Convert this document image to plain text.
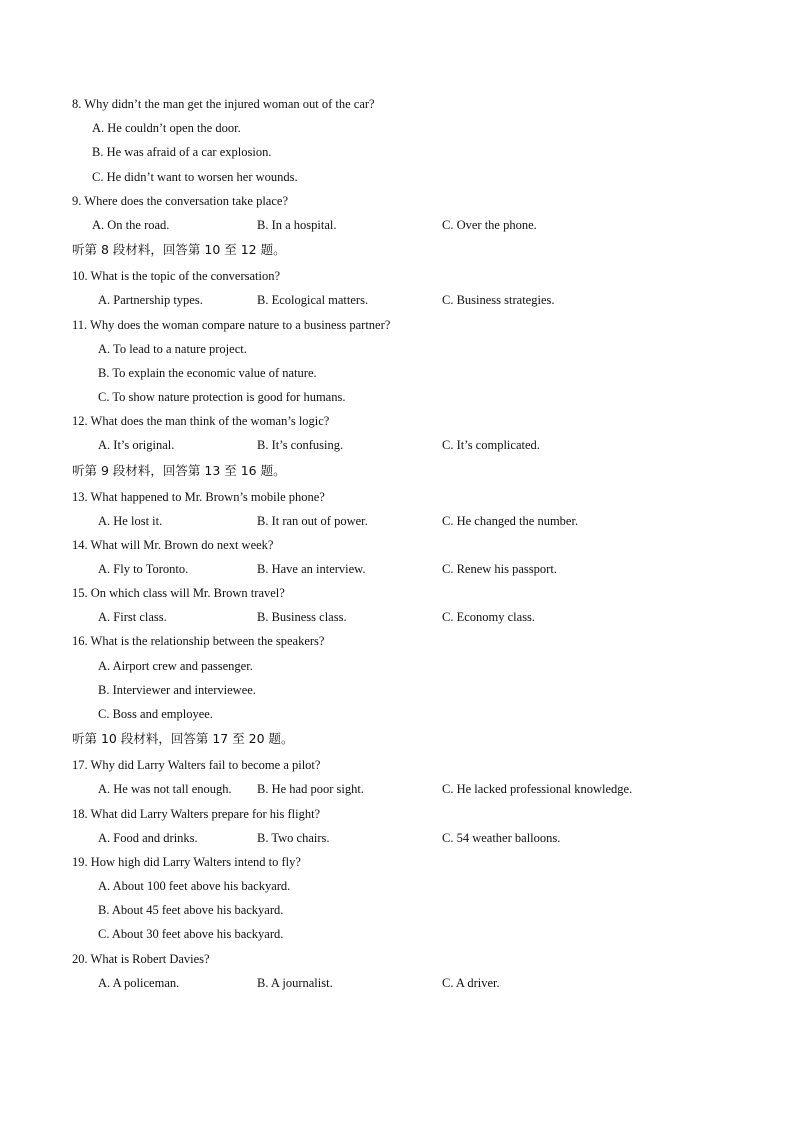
8. Why didn’t the man get the injured woman out of the car?
A. He couldn’t open the door.
B. He was afraid of a car explosion.
C. He didn’t want to worsen her wounds.
9. Where does the conversation take place?
A. On the road.	B. In a hospital.	C. Over the phone.
听第 8 段材料，回答第 10 至 12 题。
10. What is the topic of the conversation?
A. Partnership types.	B. Ecological matters.	C. Business strategies.
11. Why does the woman compare nature to a business partner?
A. To lead to a nature project.
B. To explain the economic value of nature.
C. To show nature protection is good for humans.
12. What does the man think of the woman’s logic?
A. It’s original.	B. It’s confusing.	C. It’s complicated.
听第 9 段材料，回答第 13 至 16 题。
13. What happened to Mr. Brown’s mobile phone?
A. He lost it.	B. It ran out of power.	C. He changed the number.
14. What will Mr. Brown do next week?
A. Fly to Toronto.	B. Have an interview.	C. Renew his passport.
15. On which class will Mr. Brown travel?
A. First class.	B. Business class.	C. Economy class.
16. What is the relationship between the speakers?
A. Airport crew and passenger.
B. Interviewer and interviewee.
C. Boss and employee.
听第 10 段材料，回答第 17 至 20 题。
17. Why did Larry Walters fail to become a pilot?
A. He was not tall enough. B. He had poor sight.	C. He lacked professional knowledge.
18. What did Larry Walters prepare for his flight?
A. Food and drinks.	B. Two chairs.	C. 54 weather balloons.
19. How high did Larry Walters intend to fly?
A. About 100 feet above his backyard.
B. About 45 feet above his backyard.
C. About 30 feet above his backyard.
20. What is Robert Davies?
A. A policeman.	B. A journalist.	C. A driver.
